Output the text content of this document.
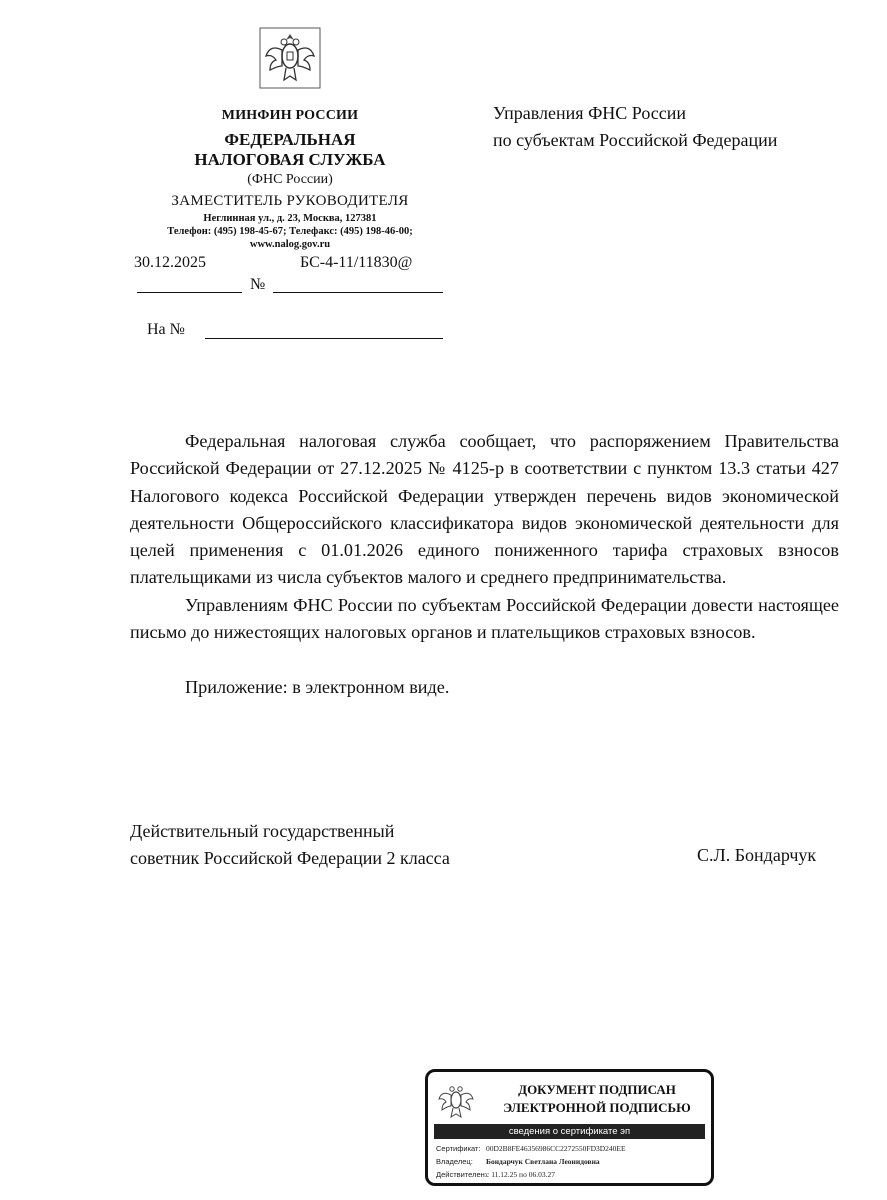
МИНФИН РОССИИ
ФЕДЕРАЛЬНАЯ
НАЛОГОВАЯ СЛУЖБА
(ФНС России)
ЗАМЕСТИТЕЛЬ РУКОВОДИТЕЛЯ
Неглинная ул., д. 23, Москва, 127381
Телефон: (495) 198-45-67; Телефакс: (495) 198-46-00;
www.nalog.gov.ru
30.12.2025	БС-4-11/11830@
№
На №
Управления ФНС России
по субъектам Российской Федерации

Федеральная налоговая служба сообщает, что распоряжением Правительства Российской Федерации от 27.12.2025 № 4125-р в соответствии с пунктом 13.3 статьи 427 Налогового кодекса Российской Федерации утвержден перечень видов экономической деятельности Общероссийского классификатора видов экономической деятельности для целей применения с 01.01.2026 единого пониженного тарифа страховых взносов плательщиками из числа субъектов малого и среднего предпринимательства.

Управлениям ФНС России по субъектам Российской Федерации довести настоящее письмо до нижестоящих налоговых органов и плательщиков страховых взносов.

Приложение: в электронном виде.

Действительный государственный
советник Российской Федерации 2 класса	С.Л. Бондарчук
ДОКУМЕНТ ПОДПИСАН
ЭЛЕКТРОННОЙ ПОДПИСЬЮ
сведения о сертификате эп
Сертификат: 00D2B8FE46356986CC2272550FD3D240EE
Владелец: Бондарчук Светлана Леонидовна
Действителен:с 11.12.25 по 06.03.27
